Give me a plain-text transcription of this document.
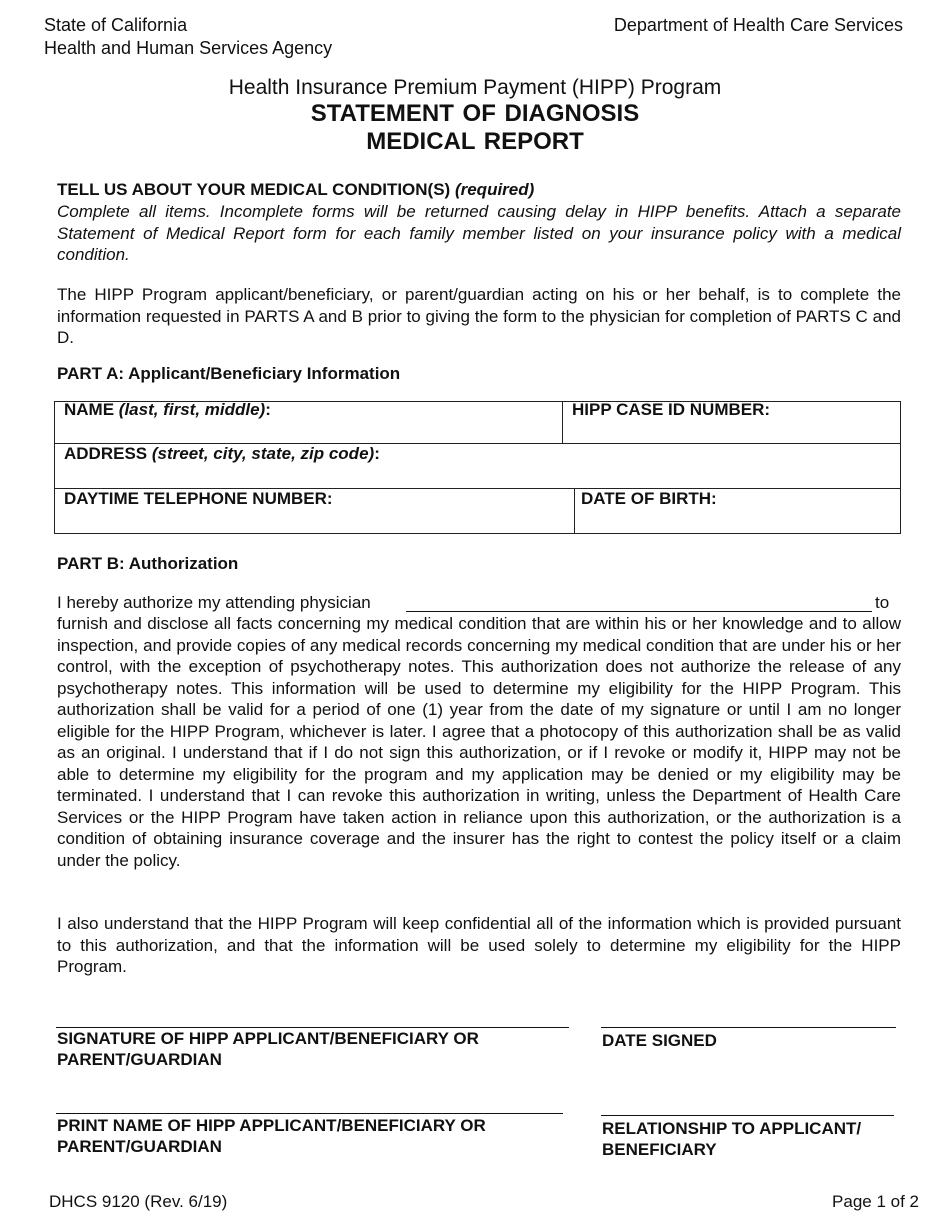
State of California
Health and Human Services Agency
Department of Health Care Services
Health Insurance Premium Payment (HIPP) Program
STATEMENT OF DIAGNOSIS
MEDICAL REPORT
TELL US ABOUT YOUR MEDICAL CONDITION(S) (required)
Complete all items. Incomplete forms will be returned causing delay in HIPP benefits. Attach a separate Statement of Medical Report form for each family member listed on your insurance policy with a medical condition.
The HIPP Program applicant/beneficiary, or parent/guardian acting on his or her behalf, is to complete the information requested in PARTS A and B prior to giving the form to the physician for completion of PARTS C and D.
PART A: Applicant/Beneficiary Information
NAME (last, first, middle):	HIPP CASE ID NUMBER:
ADDRESS (street, city, state, zip code):
DAYTIME TELEPHONE NUMBER:	DATE OF BIRTH:
PART B: Authorization
I hereby authorize my attending physician	to
furnish and disclose all facts concerning my medical condition that are within his or her knowledge and to allow inspection, and provide copies of any medical records concerning my medical condition that are under his or her control, with the exception of psychotherapy notes. This authorization does not authorize the release of any psychotherapy notes. This information will be used to determine my eligibility for the HIPP Program. This authorization shall be valid for a period of one (1) year from the date of my signature or until I am no longer eligible for the HIPP Program, whichever is later. I agree that a photocopy of this authorization shall be as valid as an original. I understand that if I do not sign this authorization, or if I revoke or modify it, HIPP may not be able to determine my eligibility for the program and my application may be denied or my eligibility may be terminated. I understand that I can revoke this authorization in writing, unless the Department of Health Care Services or the HIPP Program have taken action in reliance upon this authorization, or the authorization is a condition of obtaining insurance coverage and the insurer has the right to contest the policy itself or a claim under the policy.
I also understand that the HIPP Program will keep confidential all of the information which is provided pursuant to this authorization, and that the information will be used solely to determine my eligibility for the HIPP Program.
SIGNATURE OF HIPP APPLICANT/BENEFICIARY OR PARENT/GUARDIAN
DATE SIGNED
PRINT NAME OF HIPP APPLICANT/BENEFICIARY OR PARENT/GUARDIAN
RELATIONSHIP TO APPLICANT/ BENEFICIARY
DHCS 9120 (Rev. 6/19)	Page 1 of 2
